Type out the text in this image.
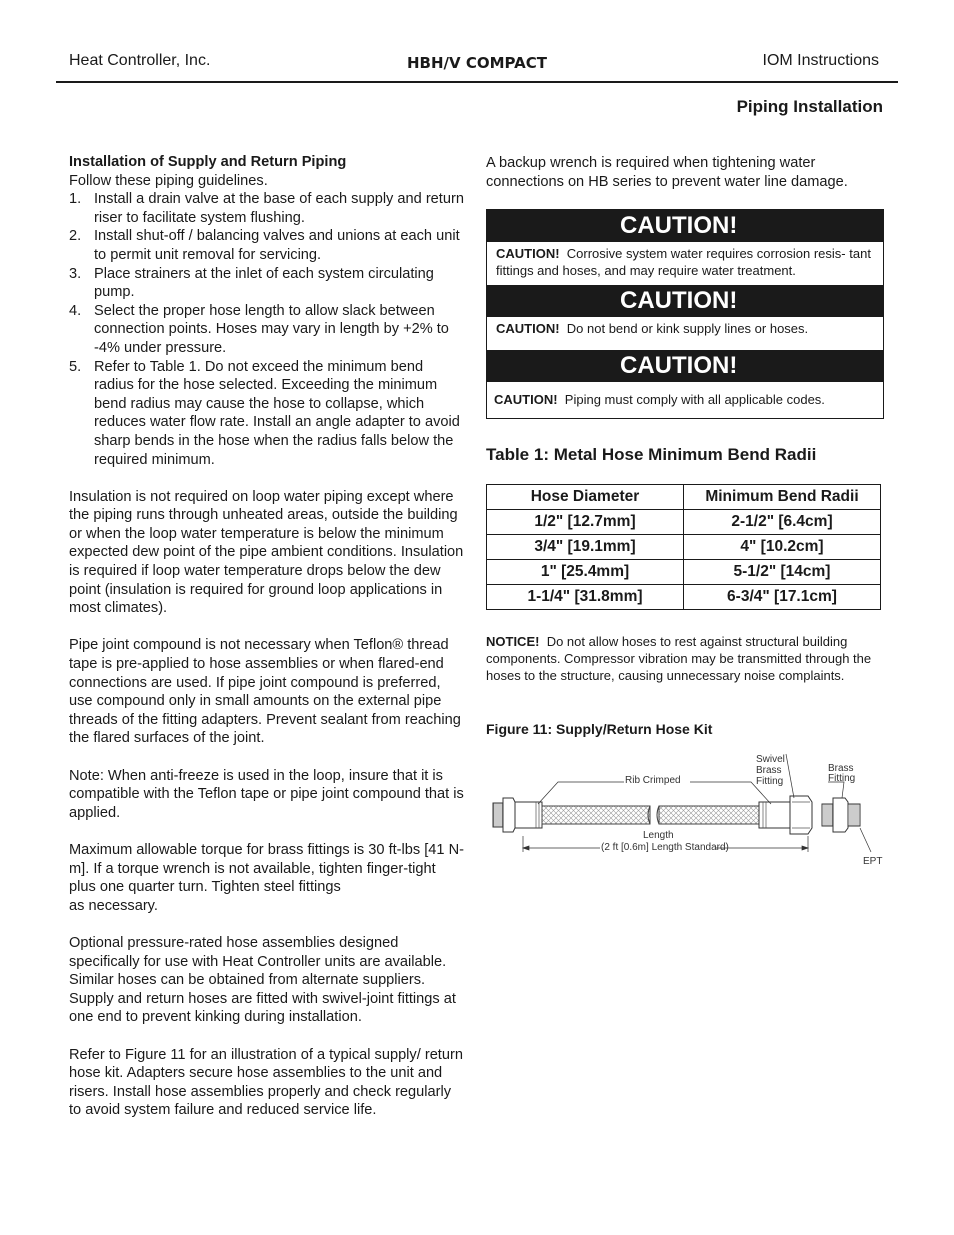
Heat Controller, Inc.	HBH/V COMPACT	IOM Instructions
Piping Installation

Installation of Supply and Return Piping

Follow these piping guidelines.

1. Install a drain valve at the base of each supply and return riser to facilitate system flushing.
2. Install shut-off / balancing valves and unions at each unit to permit unit removal for servicing.
3. Place strainers at the inlet of each system circulating pump.
4. Select the proper hose length to allow slack between connection points. Hoses may vary in length by +2% to -4% under pressure.
5. Refer to Table 1. Do not exceed the minimum bend radius for the hose selected. Exceeding the minimum bend radius may cause the hose to collapse, which reduces water flow rate. Install an angle adapter to avoid sharp bends in the hose when the radius falls below the required minimum.

Insulation is not required on loop water piping except where the piping runs through unheated areas, outside the building or when the loop water temperature is below the minimum expected dew point of the pipe ambient conditions. Insulation is required if loop water temperature drops below the dew point (insulation is required for ground loop applications in most climates).

Pipe joint compound is not necessary when Teflon® thread tape is pre-applied to hose assemblies or when flared-end connections are used. If pipe joint compound is preferred, use compound only in small amounts on the external pipe threads of the fitting adapters. Prevent sealant from reaching the flared surfaces of the joint.

Note: When anti-freeze is used in the loop, insure that it is compatible with the Teflon tape or pipe joint compound that is applied.

Maximum allowable torque for brass fittings is 30 ft-lbs [41 N-m]. If a torque wrench is not available, tighten finger-tight plus one quarter turn. Tighten steel fittings
as necessary.

Optional pressure-rated hose assemblies designed specifically for use with Heat Controller units are available. Similar hoses can be obtained from alternate suppliers. Supply and return hoses are fitted with swivel-joint fittings at one end to prevent kinking during installation.

Refer to Figure 11 for an illustration of a typical supply/ return hose kit. Adapters secure hose assemblies to the unit and risers. Install hose assemblies properly and check regularly to avoid system failure and reduced service life.

A backup wrench is required when tightening water connections on HB series to prevent water line damage.
CAUTION!
CAUTION! Corrosive system water requires corrosion resis- tant fittings and hoses, and may require water treatment.
CAUTION!
CAUTION! Do not bend or kink supply lines or hoses.
CAUTION!
CAUTION! Piping must comply with all applicable codes.
Table 1: Metal Hose Minimum Bend Radii
Hose Diameter	Minimum Bend Radii
1/2" [12.7mm]	2-1/2" [6.4cm]
3/4" [19.1mm]	4" [10.2cm]
1" [25.4mm]	5-1/2" [14cm]
1-1/4" [31.8mm]	6-3/4" [17.1cm]
NOTICE! Do not allow hoses to rest against structural building components. Compressor vibration may be transmitted through the hoses to the structure, causing unnecessary noise complaints.
Figure 11: Supply/Return Hose Kit
Rib Crimped
Swivel
Brass
Fitting
Brass
Fitting
Length
(2 ft [0.6m] Length Standard)
EPT
